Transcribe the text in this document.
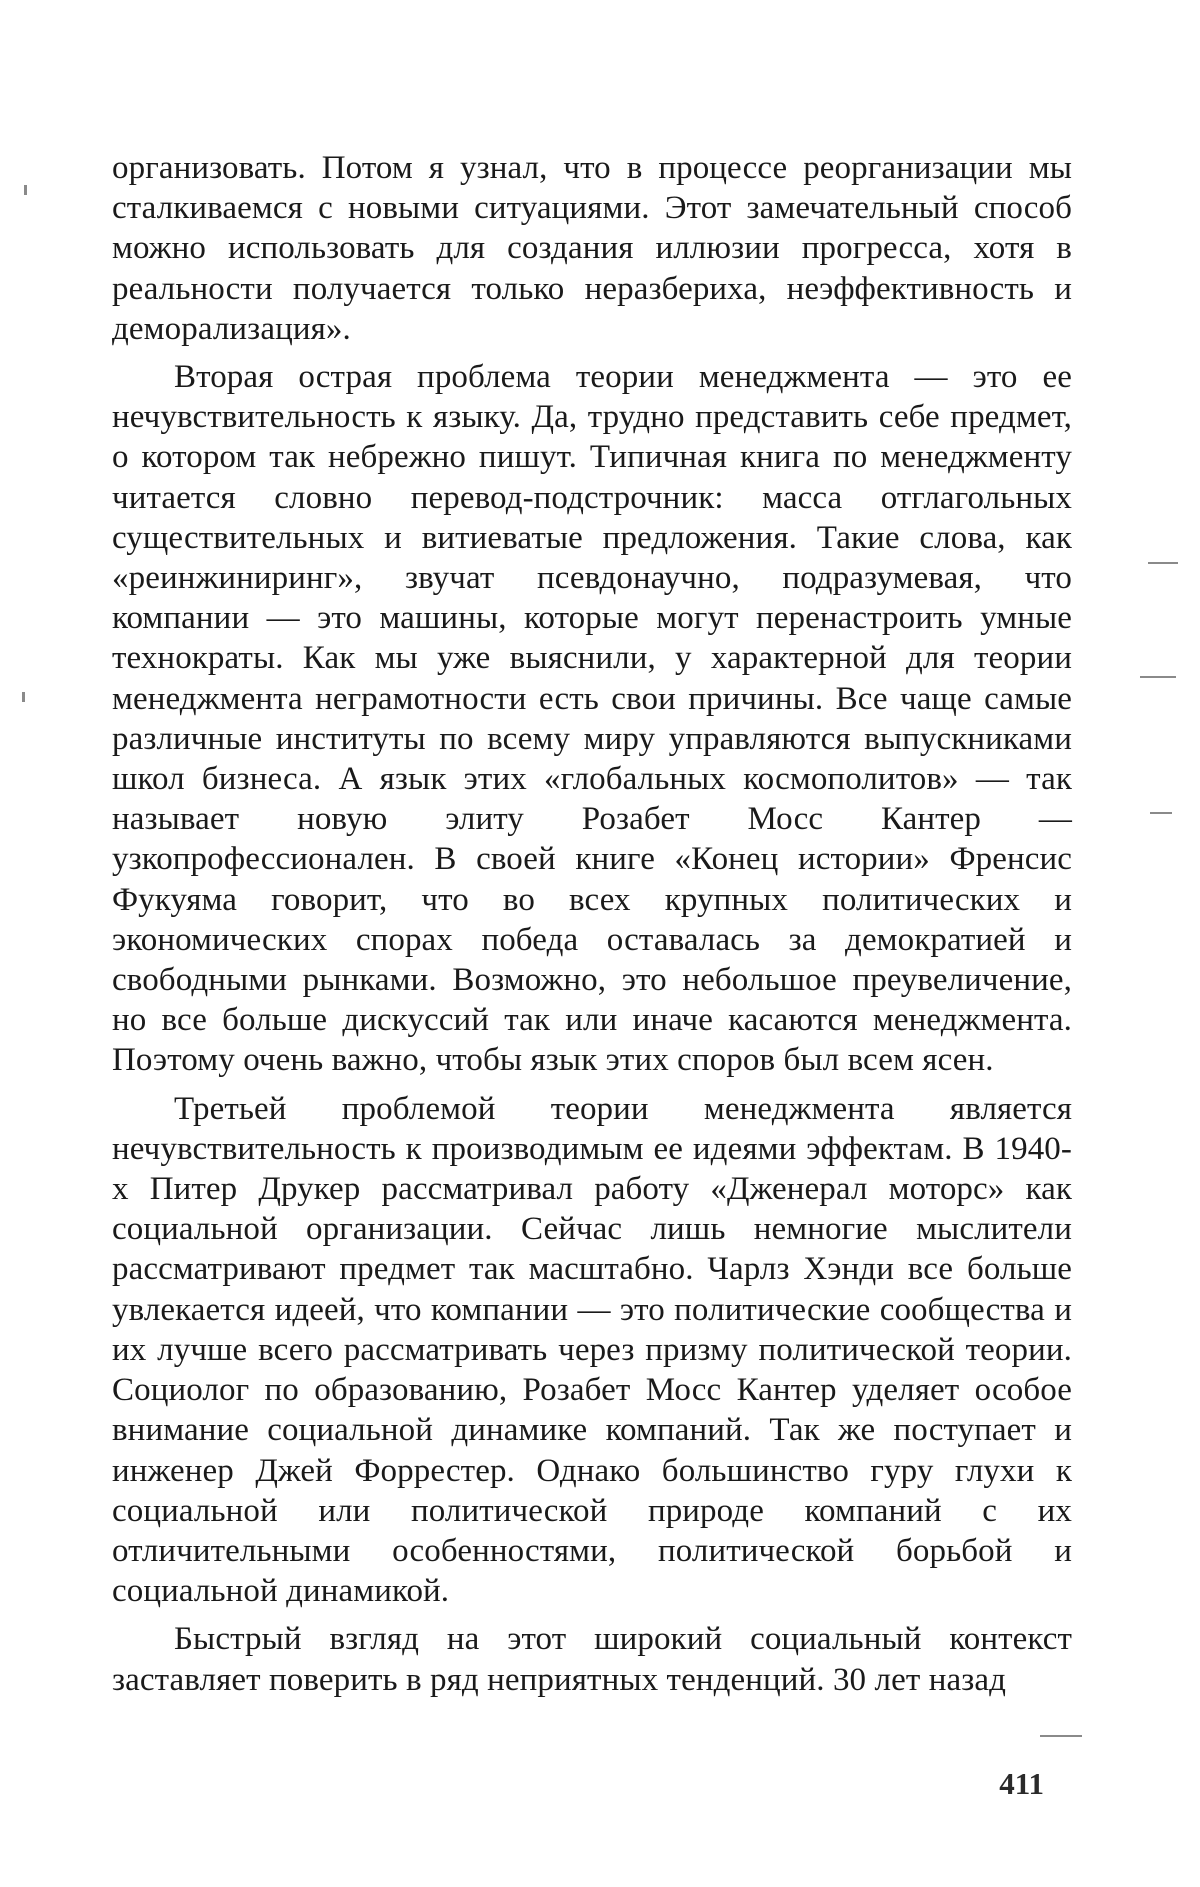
организовать. Потом я узнал, что в процессе реорганизации мы сталкиваемся с новыми ситуациями. Этот замечательный способ можно использовать для создания иллюзии прогресса, хотя в реальности получается только неразбериха, неэффективность и деморализация».

Вторая острая проблема теории менеджмента — это ее нечувствительность к языку. Да, трудно представить себе предмет, о котором так небрежно пишут. Типичная книга по менеджменту читается словно перевод-подстрочник: масса отглагольных существительных и витиеватые предложения. Такие слова, как «реинжиниринг», звучат псевдонаучно, подразумевая, что компании — это машины, которые могут перенастроить умные технократы. Как мы уже выяснили, у характерной для теории менеджмента неграмотности есть свои причины. Все чаще самые различные институты по всему миру управляются выпускниками школ бизнеса. А язык этих «глобальных космополитов» — так называет новую элиту Розабет Мосс Кантер — узкопрофессионален. В своей книге «Конец истории» Френсис Фукуяма говорит, что во всех крупных политических и экономических спорах победа оставалась за демократией и свободными рынками. Возможно, это небольшое преувеличение, но все больше дискуссий так или иначе касаются менеджмента. Поэтому очень важно, чтобы язык этих споров был всем ясен.

Третьей проблемой теории менеджмента является нечувствительность к производимым ее идеями эффектам. В 1940-х Питер Друкер рассматривал работу «Дженерал моторс» как социальной организации. Сейчас лишь немногие мыслители рассматривают предмет так масштабно. Чарлз Хэнди все больше увлекается идеей, что компании — это политические сообщества и их лучше всего рассматривать через призму политической теории. Социолог по образованию, Розабет Мосс Кантер уделяет особое внимание социальной динамике компаний. Так же поступает и инженер Джей Форрестер. Однако большинство гуру глухи к социальной или политической природе компаний с их отличительными особенностями, политической борьбой и социальной динамикой.

Быстрый взгляд на этот широкий социальный контекст заставляет поверить в ряд неприятных тенденций. 30 лет назад

411
